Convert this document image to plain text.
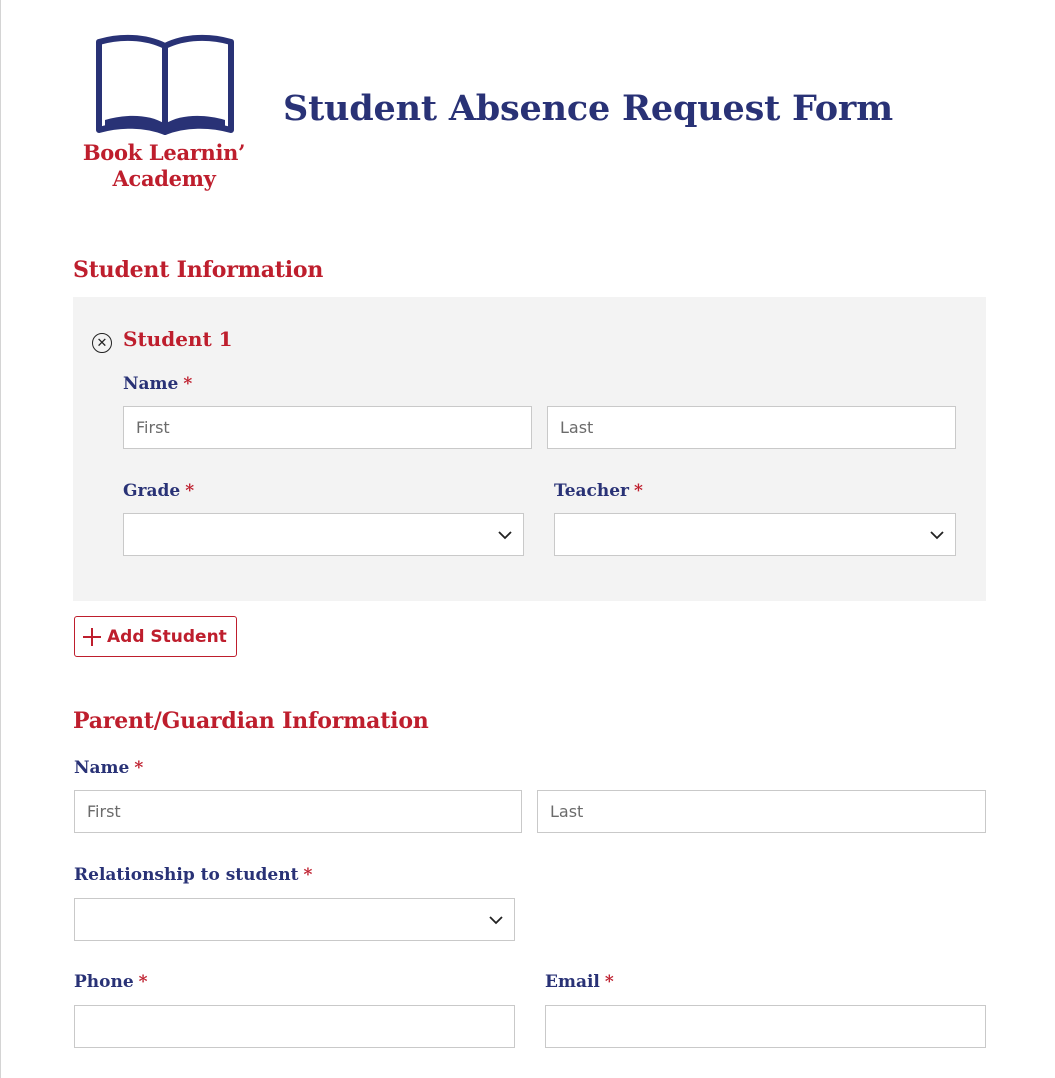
Book Learnin’
Academy
Student Absence Request Form
Student Information
✕ Student 1
Name *
First
Last
Grade *	Teacher *
Add Student
Parent/Guardian Information
Name *
First
Last
Relationship to student *
Phone *	Email *
